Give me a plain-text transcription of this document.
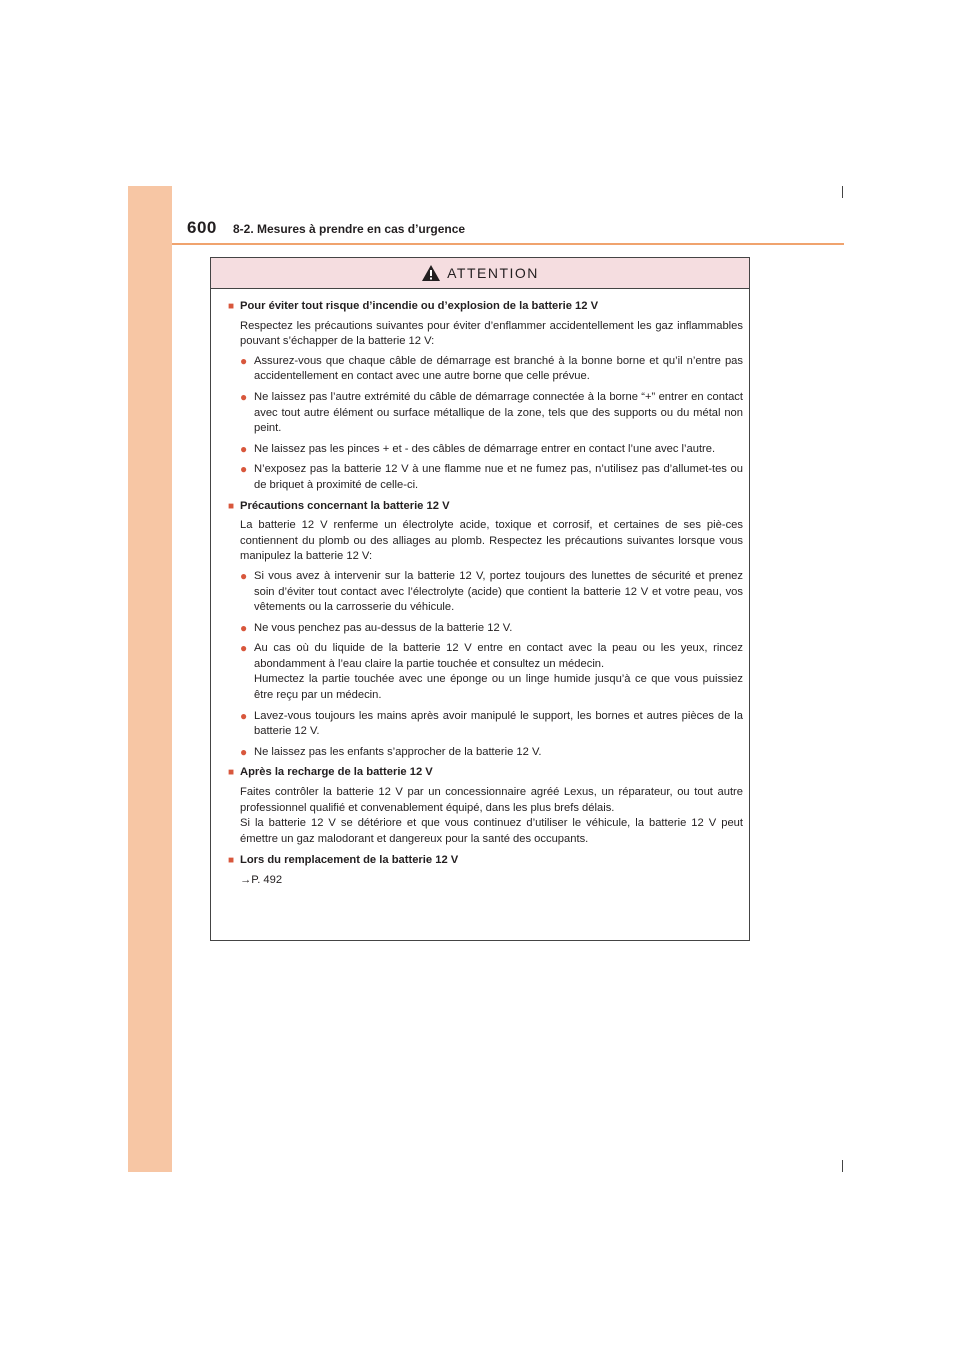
600 8-2. Mesures à prendre en cas d’urgence
ATTENTION
■ Pour éviter tout risque d’incendie ou d’explosion de la batterie 12 V
Respectez les précautions suivantes pour éviter d’enflammer accidentellement les gaz inflammables pouvant s’échapper de la batterie 12 V:
● Assurez-vous que chaque câble de démarrage est branché à la bonne borne et qu’il n’entre pas accidentellement en contact avec une autre borne que celle prévue.
● Ne laissez pas l’autre extrémité du câble de démarrage connectée à la borne “+” entrer en contact avec tout autre élément ou surface métallique de la zone, tels que des supports ou du métal non peint.
● Ne laissez pas les pinces + et - des câbles de démarrage entrer en contact l’une avec l’autre.
● N’exposez pas la batterie 12 V à une flamme nue et ne fumez pas, n’utilisez pas d’allumet-tes ou de briquet à proximité de celle-ci.
■ Précautions concernant la batterie 12 V
La batterie 12 V renferme un électrolyte acide, toxique et corrosif, et certaines de ses piè-ces contiennent du plomb ou des alliages au plomb. Respectez les précautions suivantes lorsque vous manipulez la batterie 12 V:
● Si vous avez à intervenir sur la batterie 12 V, portez toujours des lunettes de sécurité et prenez soin d’éviter tout contact avec l’électrolyte (acide) que contient la batterie 12 V et votre peau, vos vêtements ou la carrosserie du véhicule.
● Ne vous penchez pas au-dessus de la batterie 12 V.
● Au cas où du liquide de la batterie 12 V entre en contact avec la peau ou les yeux, rincez abondamment à l’eau claire la partie touchée et consultez un médecin.
Humectez la partie touchée avec une éponge ou un linge humide jusqu’à ce que vous puissiez être reçu par un médecin.
● Lavez-vous toujours les mains après avoir manipulé le support, les bornes et autres pièces de la batterie 12 V.
● Ne laissez pas les enfants s’approcher de la batterie 12 V.
■ Après la recharge de la batterie 12 V
Faites contrôler la batterie 12 V par un concessionnaire agréé Lexus, un réparateur, ou tout autre professionnel qualifié et convenablement équipé, dans les plus brefs délais.
Si la batterie 12 V se détériore et que vous continuez d’utiliser le véhicule, la batterie 12 V peut émettre un gaz malodorant et dangereux pour la santé des occupants.
■ Lors du remplacement de la batterie 12 V
→P. 492
